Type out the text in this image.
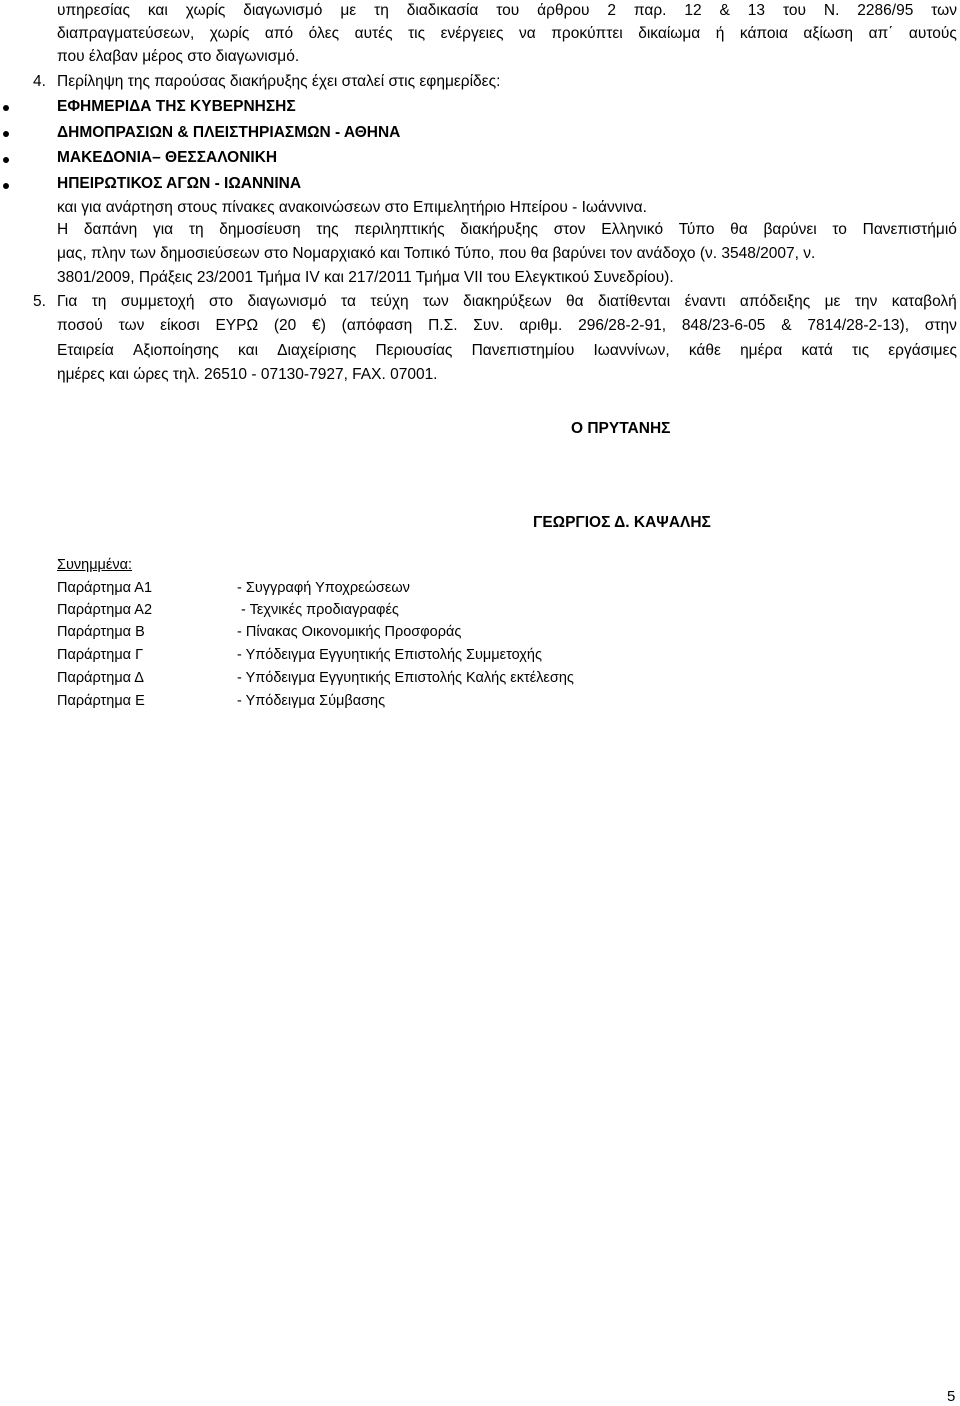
υπηρεσίας και χωρίς διαγωνισμό με τη διαδικασία του άρθρου 2 παρ. 12 & 13 του Ν. 2286/95 των
διαπραγματεύσεων, χωρίς από όλες αυτές τις ενέργειες να προκύπτει δικαίωμα ή κάποια αξίωση απ΄ αυτούς
που έλαβαν μέρος στο διαγωνισμό.
4. Περίληψη της παρούσας διακήρυξης έχει σταλεί στις εφημερίδες:
ΕΦΗΜΕΡΙΔΑ ΤΗΣ ΚΥΒΕΡΝΗΣΗΣ
ΔΗΜΟΠΡΑΣΙΩΝ & ΠΛΕΙΣΤΗΡΙΑΣΜΩΝ - ΑΘΗΝΑ
ΜΑΚΕΔΟΝΙΑ– ΘΕΣΣΑΛΟΝΙΚΗ
ΗΠΕΙΡΩΤΙΚΟΣ ΑΓΩΝ - ΙΩΑΝΝΙΝΑ
και για ανάρτηση στους πίνακες ανακοινώσεων στο Επιμελητήριο Ηπείρου - Ιωάννινα.
Η δαπάνη για τη δημοσίευση της περιληπτικής διακήρυξης στον Ελληνικό Τύπο θα βαρύνει το Πανεπιστήμιό
μας, πλην των δημοσιεύσεων στο Νομαρχιακό και Τοπικό Τύπο, που θα βαρύνει τον ανάδοχο (ν. 3548/2007, ν.
3801/2009, Πράξεις 23/2001 Τμήμα IV και 217/2011 Τμήμα VII του Ελεγκτικού Συνεδρίου).
5. Για τη συμμετοχή στο διαγωνισμό τα τεύχη των διακηρύξεων θα διατίθενται έναντι απόδειξης με την καταβολή
ποσού των είκοσι ΕΥΡΩ (20 €) (απόφαση Π.Σ. Συν. αριθμ. 296/28-2-91, 848/23-6-05 & 7814/28-2-13), στην
Εταιρεία Αξιοποίησης και Διαχείρισης Περιουσίας Πανεπιστημίου Ιωαννίνων, κάθε ημέρα κατά τις εργάσιμες
ημέρες και ώρες τηλ. 26510 - 07130-7927, FAX. 07001.
Ο ΠΡΥΤΑΝΗΣ
ΓΕΩΡΓΙΟΣ Δ. ΚΑΨΑΛΗΣ
Συνημμένα:
Παράρτημα Α1	- Συγγραφή Υποχρεώσεων
Παράρτημα Α2	- Τεχνικές προδιαγραφές
Παράρτημα Β	- Πίνακας Οικονομικής Προσφοράς
Παράρτημα Γ	- Υπόδειγμα Εγγυητικής Επιστολής Συμμετοχής
Παράρτημα Δ	- Υπόδειγμα Εγγυητικής Επιστολής Καλής εκτέλεσης
Παράρτημα Ε	- Υπόδειγμα Σύμβασης
5
